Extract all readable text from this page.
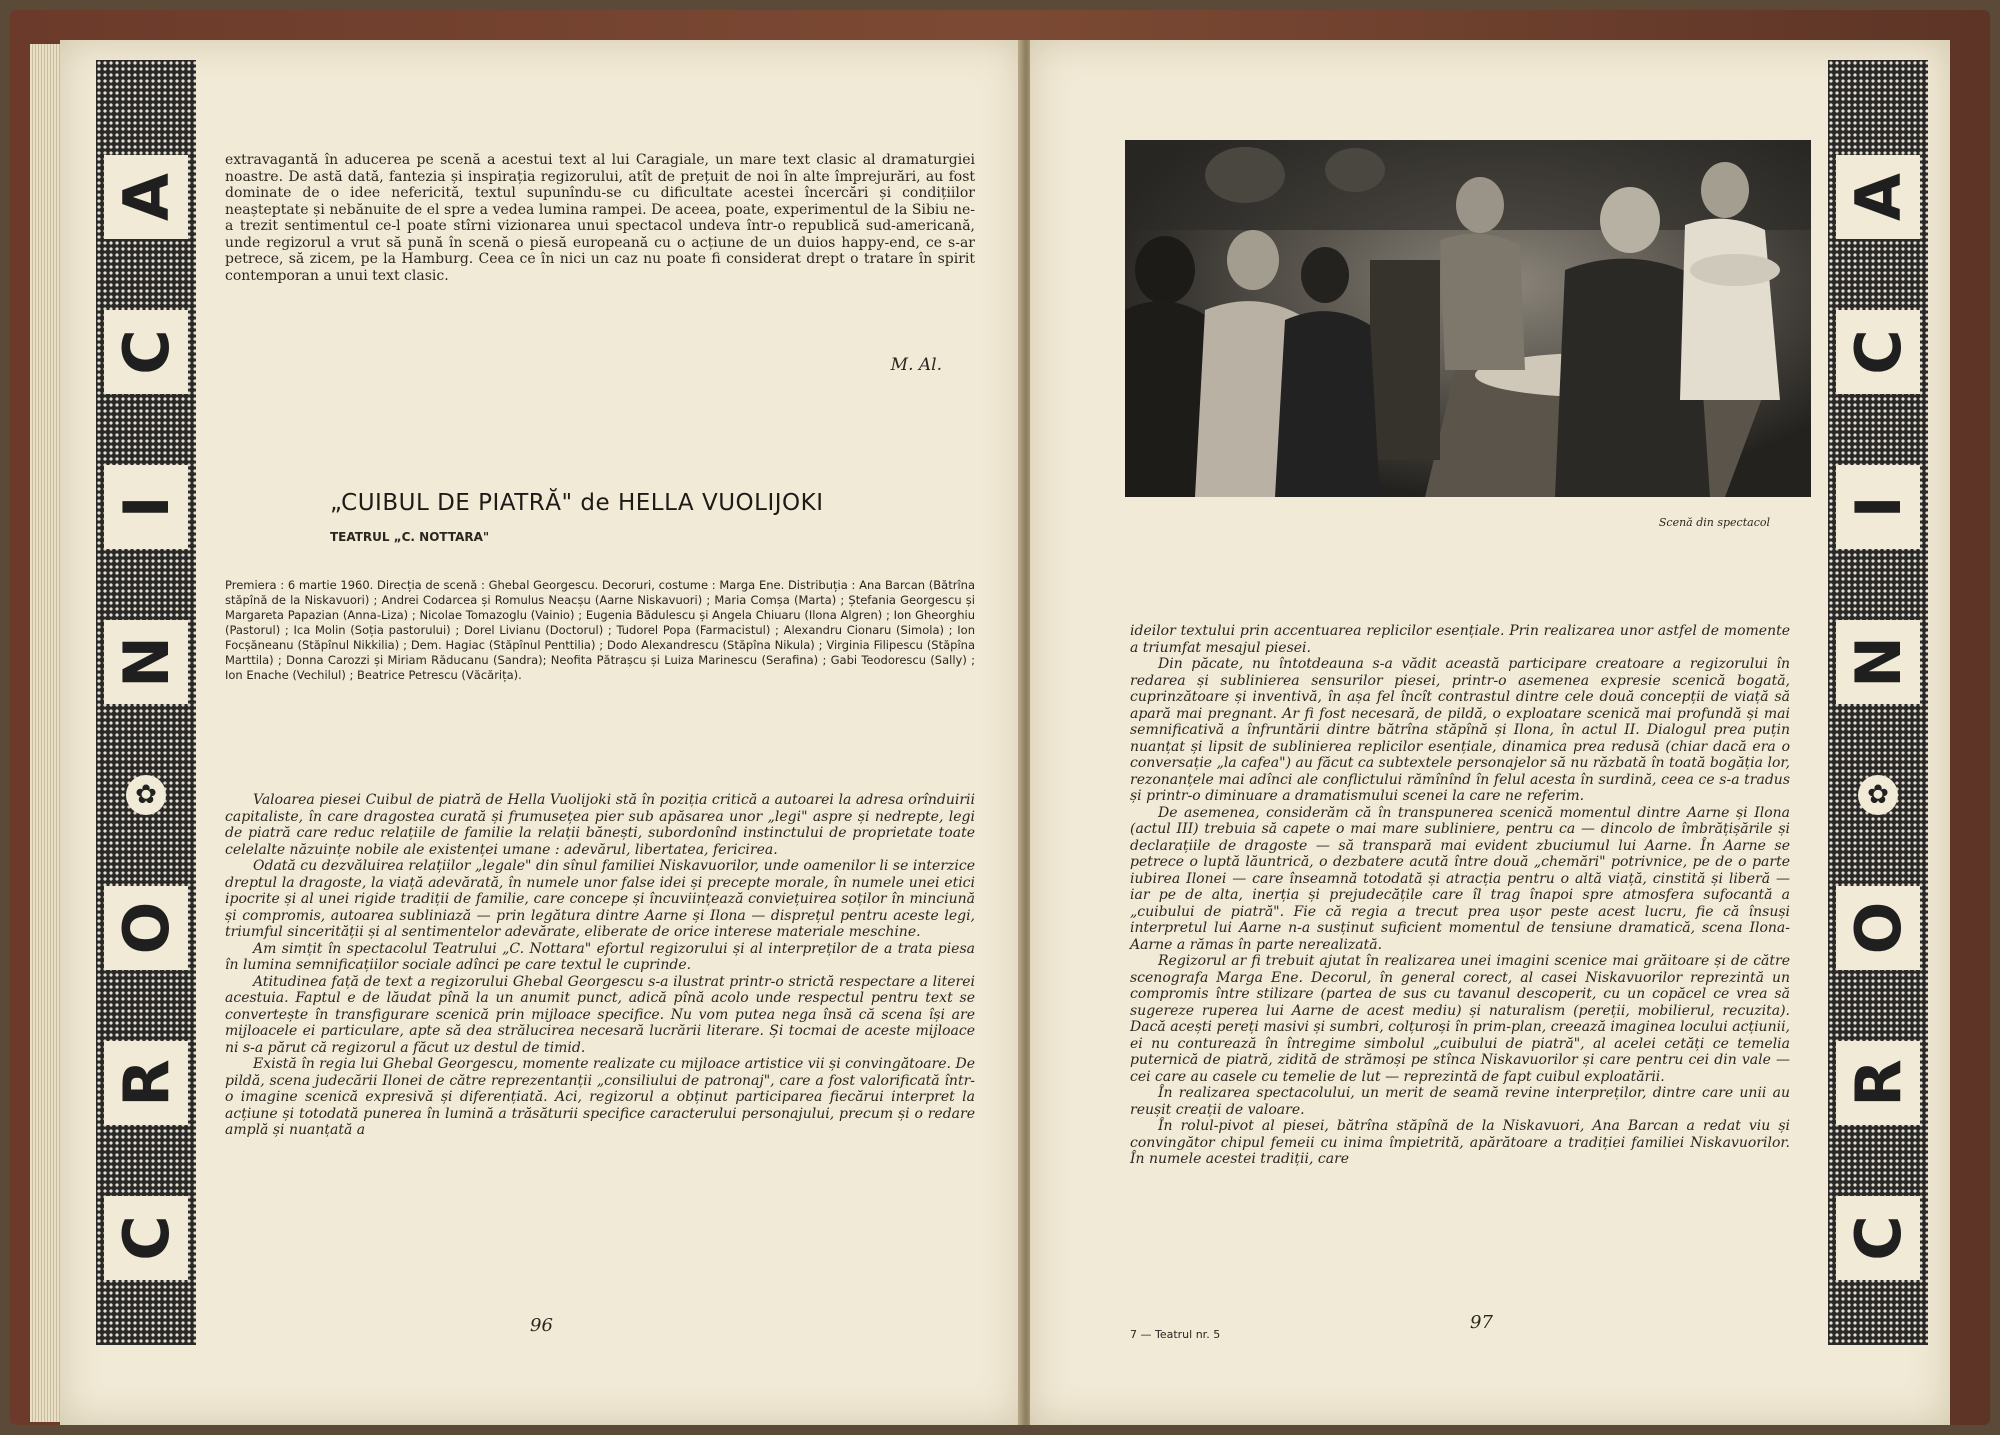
A
C
I
N
✿
O
R
C

extravagantă în aducerea pe scenă a acestui text al lui Caragiale, un mare text clasic al dramaturgiei noastre. De astă dată, fantezia și inspirația regizorului, atît de prețuit de noi în alte împrejurări, au fost dominate de o idee nefericită, textul supunîndu-se cu dificultate acestei încercări și condițiilor neașteptate și nebănuite de el spre a vedea lumina rampei. De aceea, poate, experimentul de la Sibiu ne-a trezit sentimentul ce-l poate stîrni vizionarea unui spectacol undeva într-o republică sud-americană, unde regizorul a vrut să pună în scenă o piesă europeană cu o acțiune de un duios happy-end, ce s-ar petrece, să zicem, pe la Hamburg. Ceea ce în nici un caz nu poate fi considerat drept o tratare în spirit contemporan a unui text clasic.

M. Al.
„CUIBUL DE PIATRĂ" de HELLA VUOLIJOKI
TEATRUL „C. NOTTARA"

Premiera : 6 martie 1960. Direcția de scenă : Ghebal Georgescu. Decoruri, costume : Marga Ene. Distribuția : Ana Barcan (Bătrîna stăpînă de la Niskavuori) ; Andrei Codarcea și Romulus Neacșu (Aarne Niskavuori) ; Maria Comșa (Marta) ; Ștefania Georgescu și Margareta Papazian (Anna-Liza) ; Nicolae Tomazoglu (Vainio) ; Eugenia Bădulescu și Angela Chiuaru (Ilona Algren) ; Ion Gheorghiu (Pastorul) ; Ica Molin (Soția pastorului) ; Dorel Livianu (Doctorul) ; Tudorel Popa (Farmacistul) ; Alexandru Cionaru (Simola) ; Ion Focșăneanu (Stăpînul Nikkilia) ; Dem. Hagiac (Stăpînul Penttilia) ; Dodo Alexandrescu (Stăpîna Nikula) ; Virginia Filipescu (Stăpîna Marttila) ; Donna Carozzi și Miriam Răducanu (Sandra); Neofita Pătrașcu și Luiza Marinescu (Serafina) ; Gabi Teodorescu (Sally) ; Ion Enache (Vechilul) ; Beatrice Petrescu (Văcărița).

Valoarea piesei Cuibul de piatră de Hella Vuolijoki stă în poziția critică a autoarei la adresa orînduirii capitaliste, în care dragostea curată și frumusețea pier sub apăsarea unor „legi" aspre și nedrepte, legi de piatră care reduc relațiile de familie la relații bănești, subordonînd instinctului de proprietate toate celelalte năzuințe nobile ale existenței umane : adevărul, libertatea, fericirea.

Odată cu dezvăluirea relațiilor „legale" din sînul familiei Niskavuorilor, unde oamenilor li se interzice dreptul la dragoste, la viață adevărată, în numele unor false idei și precepte morale, în numele unei etici ipocrite și al unei rigide tradiții de familie, care concepe și încuviințează conviețuirea soților în minciună și compromis, autoarea subliniază — prin legătura dintre Aarne și Ilona — disprețul pentru aceste legi, triumful sincerității și al sentimentelor adevărate, eliberate de orice interese materiale meschine.

Am simțit în spectacolul Teatrului „C. Nottara" efortul regizorului și al interpreților de a trata piesa în lumina semnificațiilor sociale adînci pe care textul le cuprinde.

Atitudinea față de text a regizorului Ghebal Georgescu s-a ilustrat printr-o strictă respectare a literei acestuia. Faptul e de lăudat pînă la un anumit punct, adică pînă acolo unde respectul pentru text se convertește în transfigurare scenică prin mijloace specifice. Nu vom putea nega însă că scena își are mijloacele ei particulare, apte să dea strălucirea necesară lucrării literare. Și tocmai de aceste mijloace ni s-a părut că regizorul a făcut uz destul de timid.

Există în regia lui Ghebal Georgescu, momente realizate cu mijloace artistice vii și convingătoare. De pildă, scena judecării Ilonei de către reprezentanții „consiliului de patronaj", care a fost valorificată într-o imagine scenică expresivă și diferențiată. Aci, regizorul a obținut participarea fiecărui interpret la acțiune și totodată punerea în lumină a trăsăturii specifice caracterului personajului, precum și o redare amplă și nuanțată a

96
Scenă din spectacol

ideilor textului prin accentuarea replicilor esențiale. Prin realizarea unor astfel de momente a triumfat mesajul piesei.

Din păcate, nu întotdeauna s-a vădit această participare creatoare a regizorului în redarea și sublinierea sensurilor piesei, printr-o asemenea expresie scenică bogată, cuprinzătoare și inventivă, în așa fel încît contrastul dintre cele două concepții de viață să apară mai pregnant. Ar fi fost necesară, de pildă, o exploatare scenică mai profundă și mai semnificativă a înfruntării dintre bătrîna stăpînă și Ilona, în actul II. Dialogul prea puțin nuanțat și lipsit de sublinierea replicilor esențiale, dinamica prea redusă (chiar dacă era o conversație „la cafea") au făcut ca subtextele personajelor să nu răzbată în toată bogăția lor, rezonanțele mai adînci ale conflictului rămînînd în felul acesta în surdină, ceea ce s-a tradus și printr-o diminuare a dramatismului scenei la care ne referim.

De asemenea, considerăm că în transpunerea scenică momentul dintre Aarne și Ilona (actul III) trebuia să capete o mai mare subliniere, pentru ca — dincolo de îmbrățișările și declarațiile de dragoste — să transpară mai evident zbuciumul lui Aarne. În Aarne se petrece o luptă lăuntrică, o dezbatere acută între două „chemări" potrivnice, pe de o parte iubirea Ilonei — care înseamnă totodată și atracția pentru o altă viață, cinstită și liberă — iar pe de alta, inerția și prejudecățile care îl trag înapoi spre atmosfera sufocantă a „cuibului de piatră". Fie că regia a trecut prea ușor peste acest lucru, fie că însuși interpretul lui Aarne n-a susținut suficient momentul de tensiune dramatică, scena Ilona-Aarne a rămas în parte nerealizată.

Regizorul ar fi trebuit ajutat în realizarea unei imagini scenice mai grăitoare și de către scenografa Marga Ene. Decorul, în general corect, al casei Niskavuorilor reprezintă un compromis între stilizare (partea de sus cu tavanul descoperit, cu un copăcel ce vrea să sugereze ruperea lui Aarne de acest mediu) și naturalism (pereții, mobilierul, recuzita). Dacă acești pereți masivi și sumbri, colțuroși în prim-plan, creează imaginea locului acțiunii, ei nu conturează în întregime simbolul „cuibului de piatră", al acelei cetăți ce temelia puternică de piatră, zidită de strămoși pe stînca Niskavuorilor și care pentru cei din vale — cei care au casele cu temelie de lut — reprezintă de fapt cuibul exploatării.

În realizarea spectacolului, un merit de seamă revine interpreților, dintre care unii au reușit creații de valoare.

În rolul-pivot al piesei, bătrîna stăpînă de la Niskavuori, Ana Barcan a redat viu și convingător chipul femeii cu inima împietrită, apărătoare a tradiției familiei Niskavuorilor. În numele acestei tradiții, care

7 — Teatrul nr. 5
97
A
C
I
N
✿
O
R
C
